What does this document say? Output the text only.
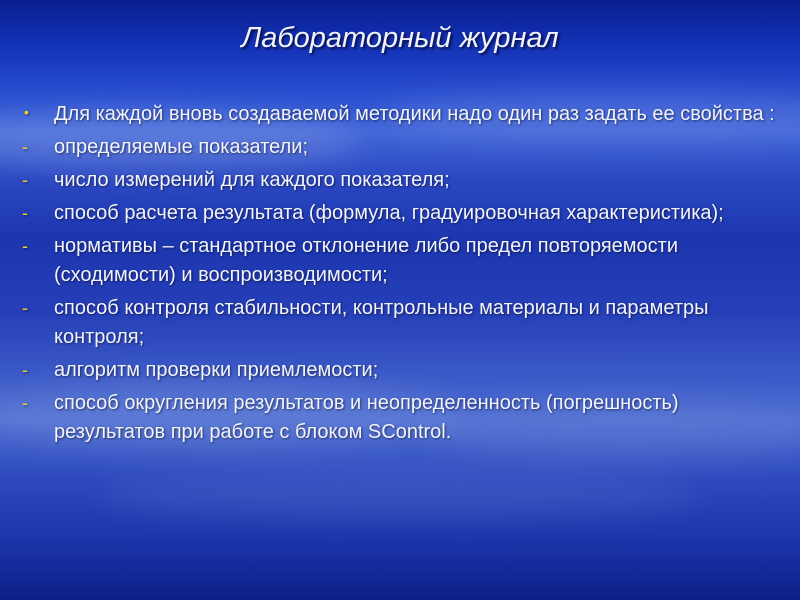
Лабораторный журнал
•	Для каждой вновь создаваемой методики надо один раз задать ее свойства :
-	определяемые показатели;
-	число измерений для каждого показателя;
-	способ расчета результата (формула, градуировочная характеристика);
-	нормативы – стандартное отклонение либо предел повторяемости (сходимости) и воспроизводимости;
-	способ контроля стабильности, контрольные материалы и параметры контроля;
-	алгоритм проверки приемлемости;
-	способ округления результатов и неопределенность (погрешность) результатов при работе с блоком SControl.
